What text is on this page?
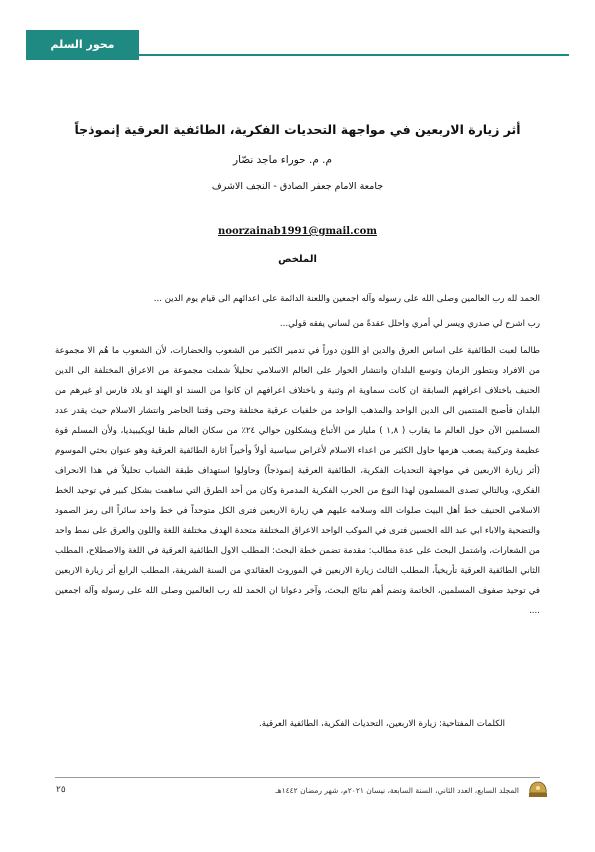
محور السلم المجتمعي
أثر زيارة الاربعين في مواجهة التحديات الفكرية، الطائفية العرقية إنموذجاً
م. م. حوراء ماجد نصّار
جامعة الامام جعفر الصادق - النجف الاشرف
noorzainab1991@gmail.com
الملخص
الحمد لله رب العالمين وصلى الله على رسوله وآله اجمعين واللعنة الدائمة على اعدائهم الى قيام يوم الدين ...
رب اشرح لي صدري ويسر لي أمري واحلل عقدةً من لساني يفقه قولي...
طالما لعبت الطائفية على اساس العرق والدين او اللون دوراً في تدمير الكثير من الشعوب والحضارات، لأن الشعوب ما هُم الا مجموعة من الافراد وبتطور الزمان وتوسع البلدان وانتشار الحوار على العالم الاسلامي تحليلاً شملت مجموعة من الاعراق المختلفة الى الدين الحنيف باختلاف اعرافهم السابقة ان كانت سماوية ام وثنية و باختلاف اعرافهم ان كانوا من السند او الهند او بلاد فارس او غيرهم من البلدان فأصبح المنتمين الى الدين الواحد والمذهب الواحد من خلفيات عرقية مختلفة وحتى وقتنا الحاضر وانتشار الاسلام حيث يقدر عدد المسلمين الآن حول العالم ما يقارب ( ١,٨ ) مليار من الأتباع ويشكلون حوالي ٢٤٪ من سكان العالم طبقا لويكيبيديا، ولأن المسلم قوة عظيمة وتركيبة يصعب هزمها حاول الكثير من اعداء الاسلام لأغراض سياسية أولاً وأخيراً اثارة الطائفية العرقية وهو عنوان بحثي الموسوم (أثر زيارة الاربعين في مواجهة التحديات الفكرية، الطائفية العرقية إنموذجاً) وحاولوا استهداف طبقة الشباب تحليلاً في هذا الانحراف الفكري، وبالتالي تصدى المسلمون لهذا النوع من الحرب الفكرية المدمرة وكان من أحد الطرق التي ساهمت بشكل كبير في توحيد الخط الاسلامي الحنيف خط أهل البيت صلوات الله وسلامه عليهم هي زيارة الاربعين فترى الكل متوحداً في خط واحد سائراً الى رمز الصمود والتضحية والاباء ابي عبد الله الحسين فترى في الموكب الواحد الاعراق المختلفة متحدة الهدف مختلفة اللغة واللون والعرق على نمط واحد من الشعارات، واشتمل البحث على عدة مطالب: مقدمة تضمن خطة البحث: المطلب الاول الطائفية العرقية في اللغة والاصطلاح، المطلب الثاني الطائفية العرقية تأريخياً، المطلب الثالث زيارة الاربعين في الموروث العقائدي من السنة الشريفة، المطلب الرابع أثر زيارة الاربعين في توحيد صفوف المسلمين، الخاتمة وتضم أهم نتائج البحث، وآخر دعوانا ان الحمد لله رب العالمين وصلى الله على رسوله وآله اجمعين ....
الكلمات المفتاحية: زيارة الاربعين، التحديات الفكرية، الطائفية العرقية.
المجلد السابع، العدد الثاني، السنة السابعة، نيسان ٢٠٢١م، شهر رمضان ١٤٤٢هـ
٢٥
